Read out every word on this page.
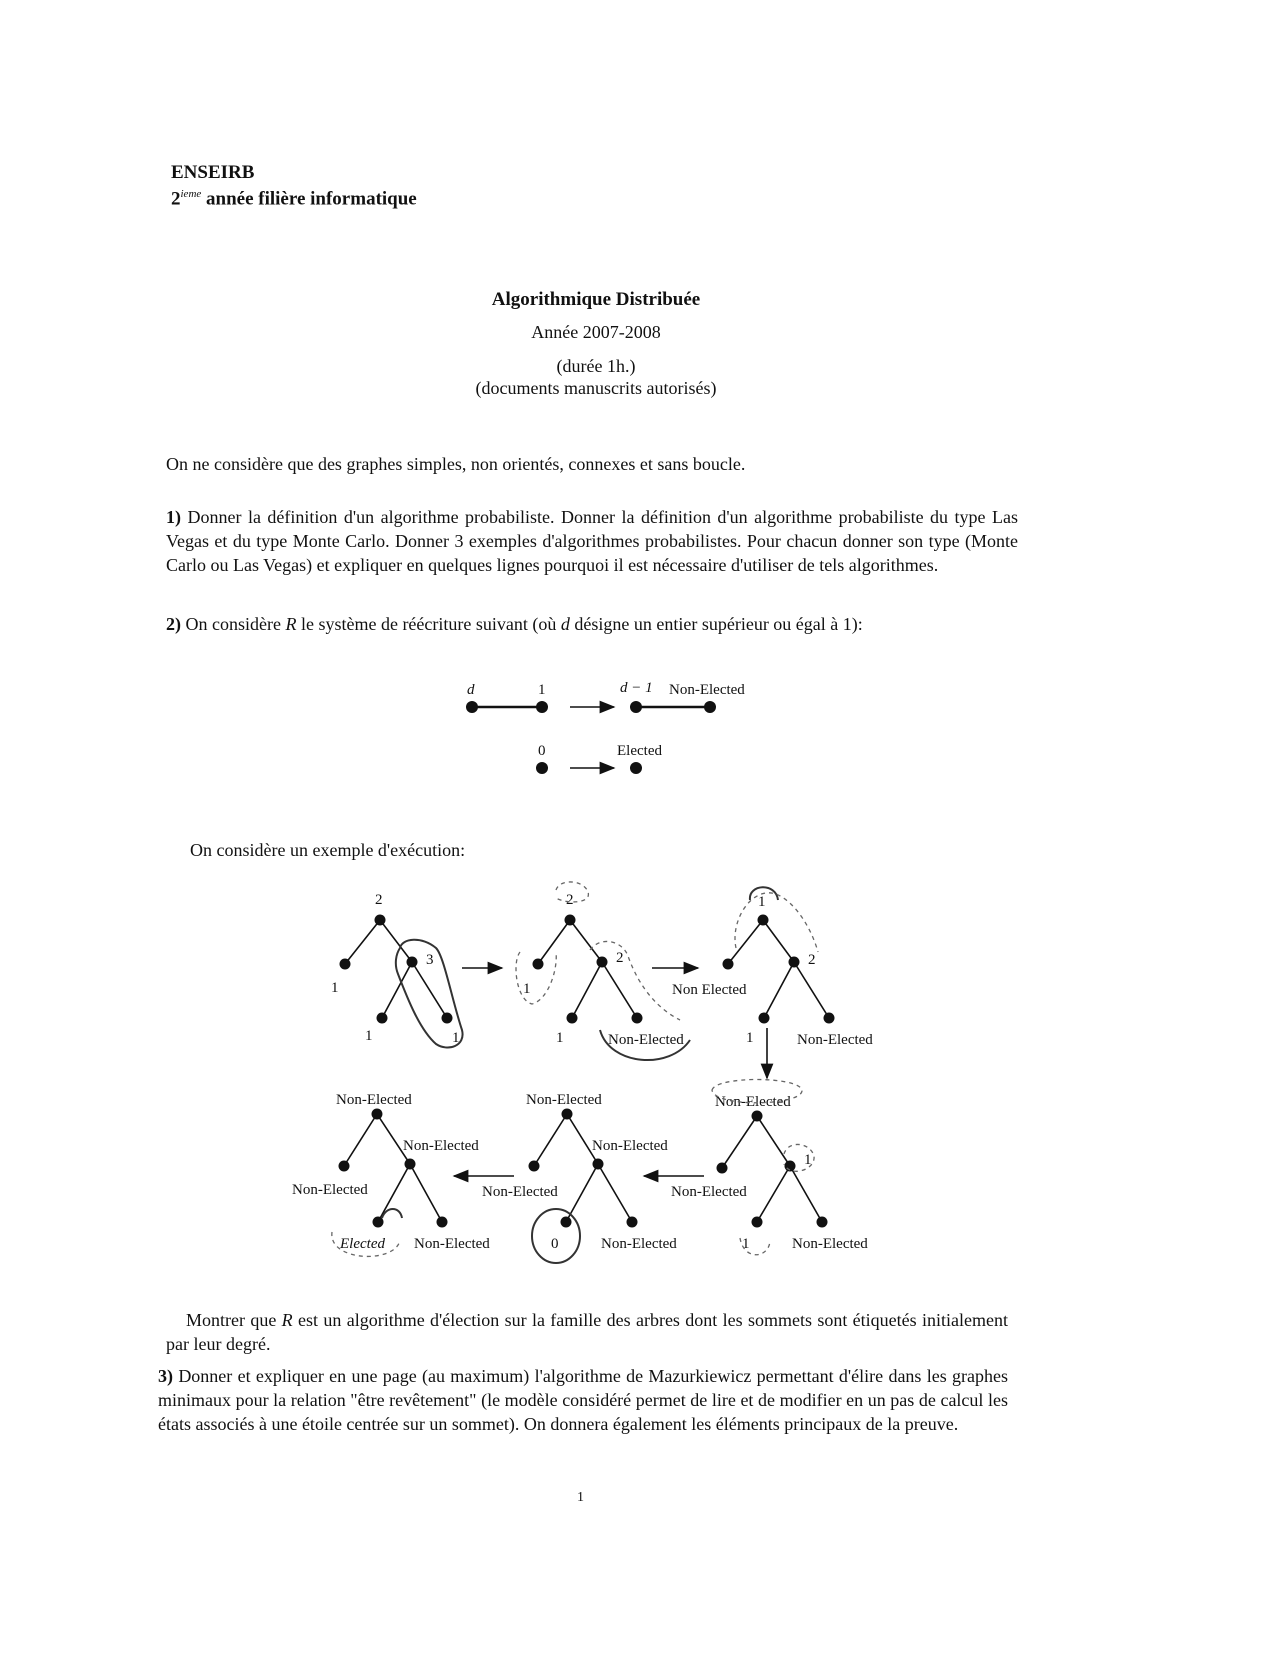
ENSEIRB
2ieme année filière informatique
Algorithmique Distribuée
Année 2007-2008
(durée 1h.)
(documents manuscrits autorisés)
On ne considère que des graphes simples, non orientés, connexes et sans boucle.
1) Donner la définition d'un algorithme probabiliste. Donner la définition d'un algorithme probabiliste du type Las Vegas et du type Monte Carlo. Donner 3 exemples d'algorithmes probabilistes. Pour chacun donner son type (Monte Carlo ou Las Vegas) et expliquer en quelques lignes pourquoi il est nécessaire d'utiliser de tels algorithmes.
2) On considère R le système de réécriture suivant (où d désigne un entier supérieur ou égal à 1):
d	1	d − 1 Non-Elected
0	Elected
On considère un exemple d'exécution:
2
1
3
1	1
2
1
2
1	Non-Elected
1
Non Elected
2
1	Non-Elected
Non-Elected
Non-Elected
1
1	Non-Elected
Non-Elected
Non-Elected
Non-Elected
0	Non-Elected
Non-Elected
Non-Elected
Non-Elected
Elected Non-Elected
Montrer que R est un algorithme d'élection sur la famille des arbres dont les sommets sont étiquetés initialement par leur degré.
3) Donner et expliquer en une page (au maximum) l'algorithme de Mazurkiewicz permettant d'élire dans les graphes minimaux pour la relation "être revêtement" (le modèle considéré permet de lire et de modifier en un pas de calcul les états associés à une étoile centrée sur un sommet). On donnera également les éléments principaux de la preuve.
1
